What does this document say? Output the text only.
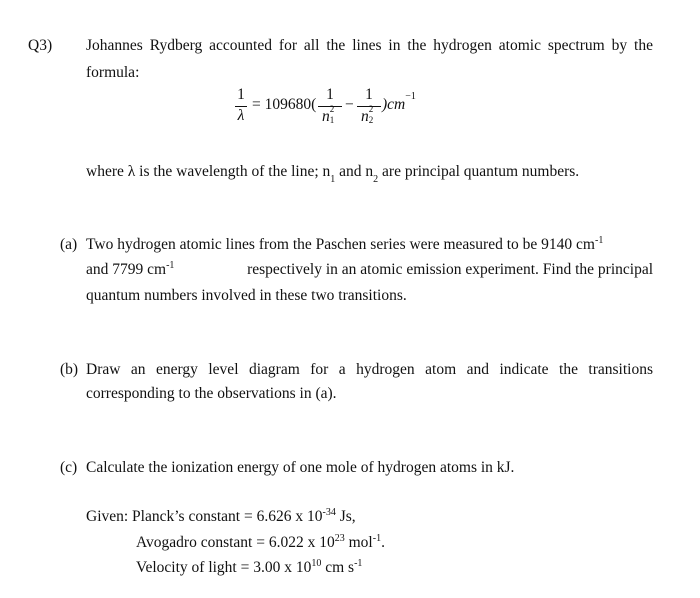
Q3) Johannes Rydberg accounted for all the lines in the hydrogen atomic spectrum by the
formula:
1
λ
= 109680(
1
n 2
1
−
1
n 2
2
)$cm^{-1}$
where λ is the wavelength of the line; $n_1$ and $n_2$ are principal quantum numbers.
(a) Two hydrogen atomic lines from the Paschen series were measured to be 9140 $cm^{-1}$
and 7799 $cm^{-1}$	respectively in an atomic emission experiment. Find the principal
quantum numbers involved in these two transitions.
(b) Draw an energy level diagram for a hydrogen atom and indicate the transitions
corresponding to the observations in (a).
(c) Calculate the ionization energy of one mole of hydrogen atoms in kJ.
Given: Planck’s constant = 6.626 x $10^{-34}$ Js,
Avogadro constant = 6.022 x $10^{23}$ mol$^{-1}$.
Velocity of light = 3.00 x $10^{10}$ cm $s^{-1}$
